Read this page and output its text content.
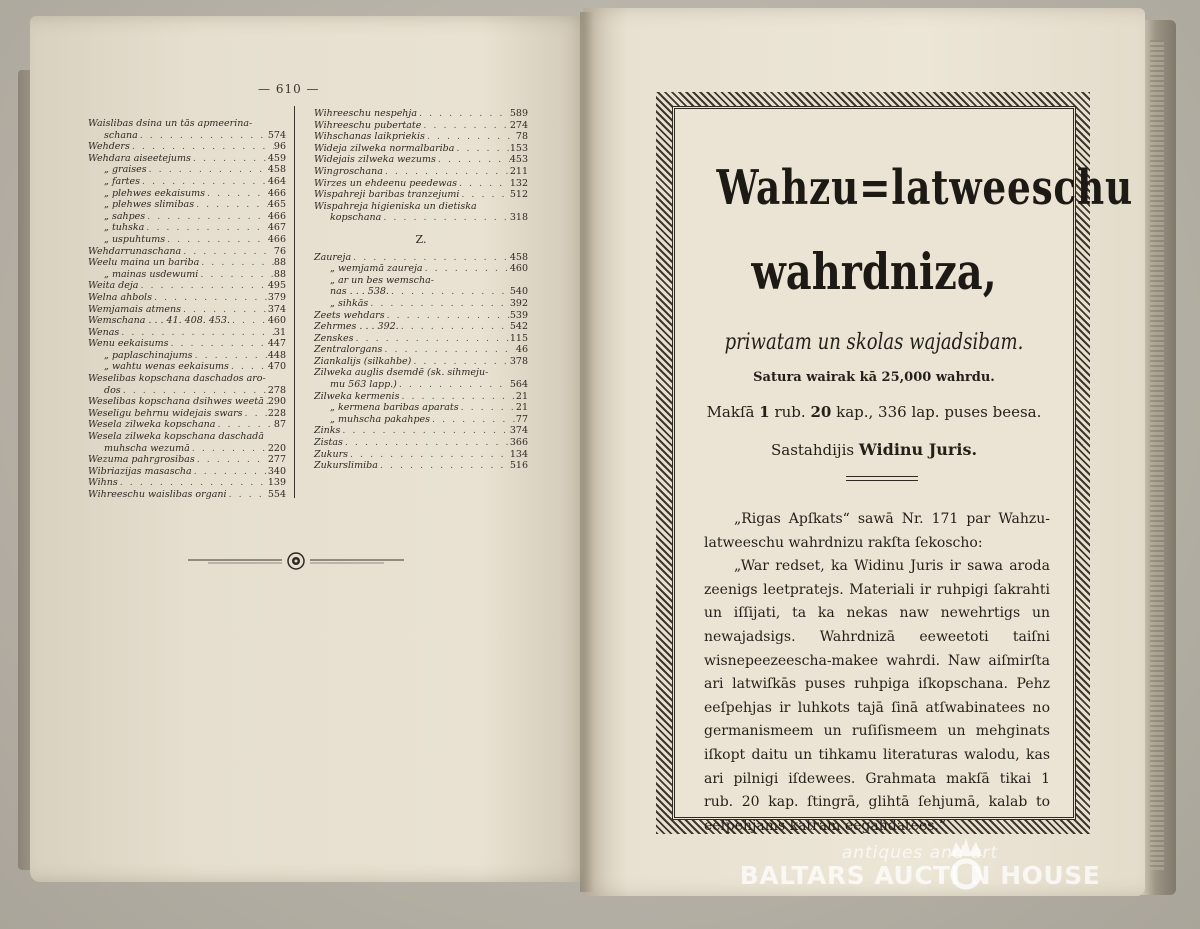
— 610 —
Waislibas dsina un tās apmeerina-
schana . . .	574
Wehders . . .	96
Wehdara aiseetejums . . .	459
„ graises . . .	458
„ fartes . . .	464
„ plehwes eekaisums . . .	466
„ plehwes slimibas . . .	465
„ sahpes . . .	466
„ tuhska . . .	467
„ uspuhtums . . .	466
Wehdarrunaschana . . .	76
Weelu maina un bariba . . .	88
„ mainas usdewumi . . .	88
Weita deja . . .	495
Welna ahbols . . .	379
Wemjamais atmens . . .	374
Wemschana . . . 41. 408. 453. . . .	460
Wenas . . .	31
Wenu eekaisums . . .	447
„ paplaschinajums . . .	448
„ wahtu wenas eekaisums . . .	470
Weselibas kopschana daschados aro-
dos . . .	278
Weselibas kopschana dsihwes weetā . . . 290
Weseligu behrnu widejais swars . . .	228
Wesela zilweka kopschana . . .	87
Wesela zilweka kopschana daschadā
muhscha wezumā . . .	220
Wezuma pahrgrosibas . . .	277
Wibriazijas masascha . . .	340
Wihns . . .	139
Wihreeschu waislibas organi . . .	554
Wihreeschu nespehja . . .	589
Wihreeschu pubertate . . .	274
Wihschanas laikpriekis . . .	78
Wideja zilweka normalbariba . . .	153
Widejais zilweka wezums . . .	453
Wingroschana . . .	211
Wirzes un ehdeenu peedewas . . .	132
Wispahreji baribas tranzejumi . . .	512
Wispahreja higieniska un dietiska
kopschana . . .	318
Z.
Zaureja . . .	458
„ wemjamā zaureja . . .	460
„ ar un bes wemscha-
nas . . . 538. . . .	540
„ sihkās . . .	392
Zeets wehdars . . .	539
Zehrmes . . . 392. . . .	542
Zenskes . . .	115
Zentralorgans . . .	46
Ziankalijs (silkahbe) . . .	378
Zilweka auglis dsemdē (sk. sihmeju-
mu 563 lapp.) . . .	564
Zilweka kermenis . . .	21
„ kermena baribas aparats . . .	21
„ muhscha pakahpes . . .	77
Zinks . . .	374
Zistas . . .	366
Zukurs . . .	134
Zukurslimiba . . .	516
Wahzu=latweeschu
wahrdniza,
priwatam un skolas wajadsibam.
Satura wairak kā 25,000 wahrdu.
Makſā 1 rub. 20 kap., 336 lap. puses beesa.
Sastahdijis Widinu Juris.

„Rigas Apſkats“ sawā Nr. 171 par Wahzu-latweeschu wahrdnizu rakſta ſekoscho:

„War redset, ka Widinu Juris ir sawa aroda zeenigs leetpratejs. Materiali ir ruhpigi ſakrahti un iſſijati, ta ka nekas naw newehrtigs un newajadsigs. Wahrdnizā eeweetoti taiſni wisnepeezeescha-makee wahrdi. Naw aiſmirſta ari latwiſkās puses ruhpiga iſkopschana. Pehz eeſpehjas ir luhkots tajā ſinā atſwabinatees no germanismeem un ruſiſismeem un mehginats iſkopt daitu un tihkamu literaturas walodu, kas ari pilnigi iſdewees. Grahmata makſā tikai 1 rub. 20 kap. ſtingrā, glihtā ſehjumā, kalab to eeſpehjams katram eegahdatees.“

antiques and art
BALTARS AUCTI N HOUSE
